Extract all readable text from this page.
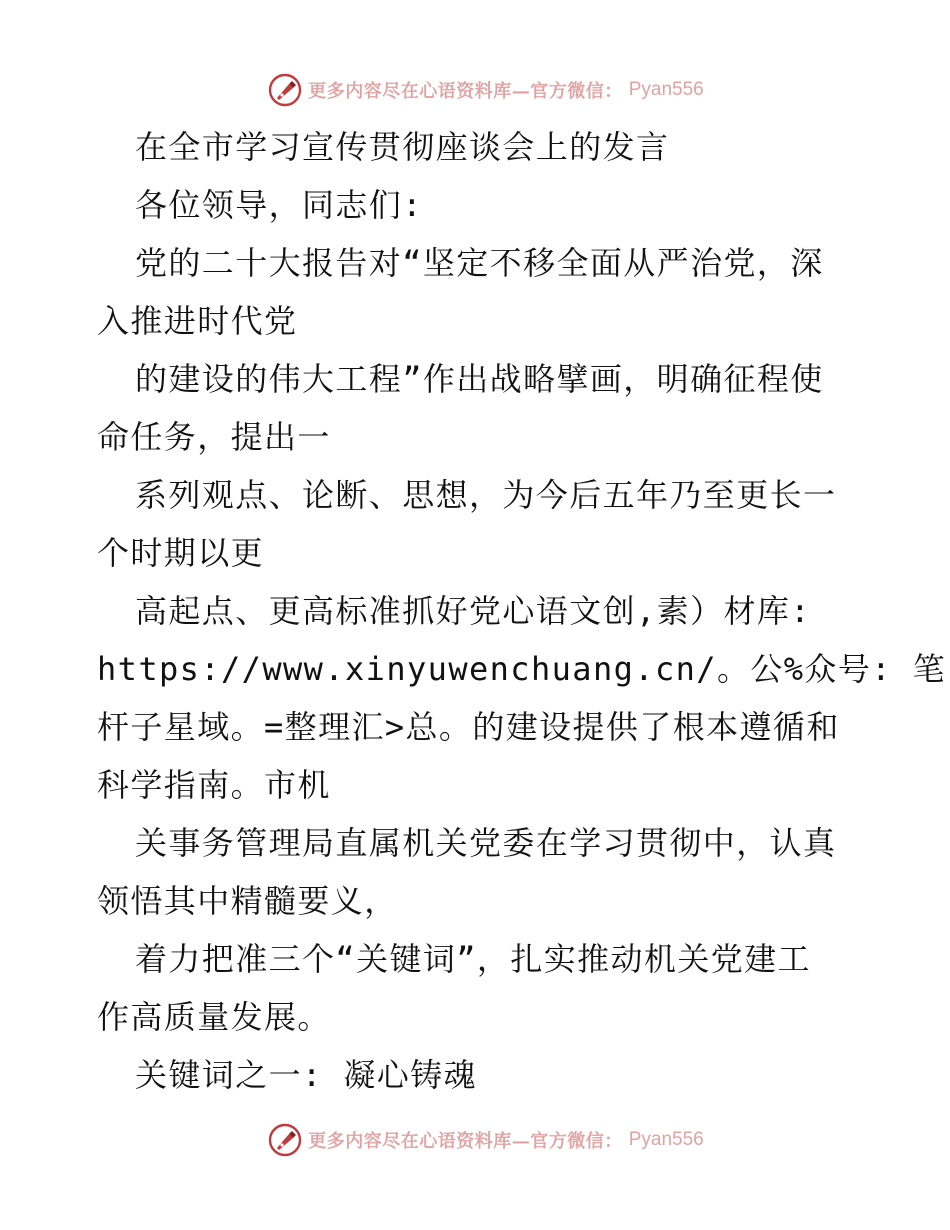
更多内容尽在心语资料库—官方微信： Pyan556
在全市学习宣传贯彻座谈会上的发言
各位领导，同志们:
党的二十大报告对“坚定不移全面从严治党，深
入推进时代党
的建设的伟大工程”作出战略擘画，明确征程使
命任务，提出一
系列观点、论断、思想，为今后五年乃至更长一
个时期以更
高起点、更高标准抓好党心语文创,素）材库:
https://www.xinyuwenchuang.cn/。公%众号: 笔
杆子星域。=整理汇>总。的建设提供了根本遵循和
科学指南。市机
关事务管理局直属机关党委在学习贯彻中，认真
领悟其中精髓要义，
着力把准三个“关键词”，扎实推动机关党建工
作高质量发展。
关键词之一: 凝心铸魂
更多内容尽在心语资料库—官方微信： Pyan556
